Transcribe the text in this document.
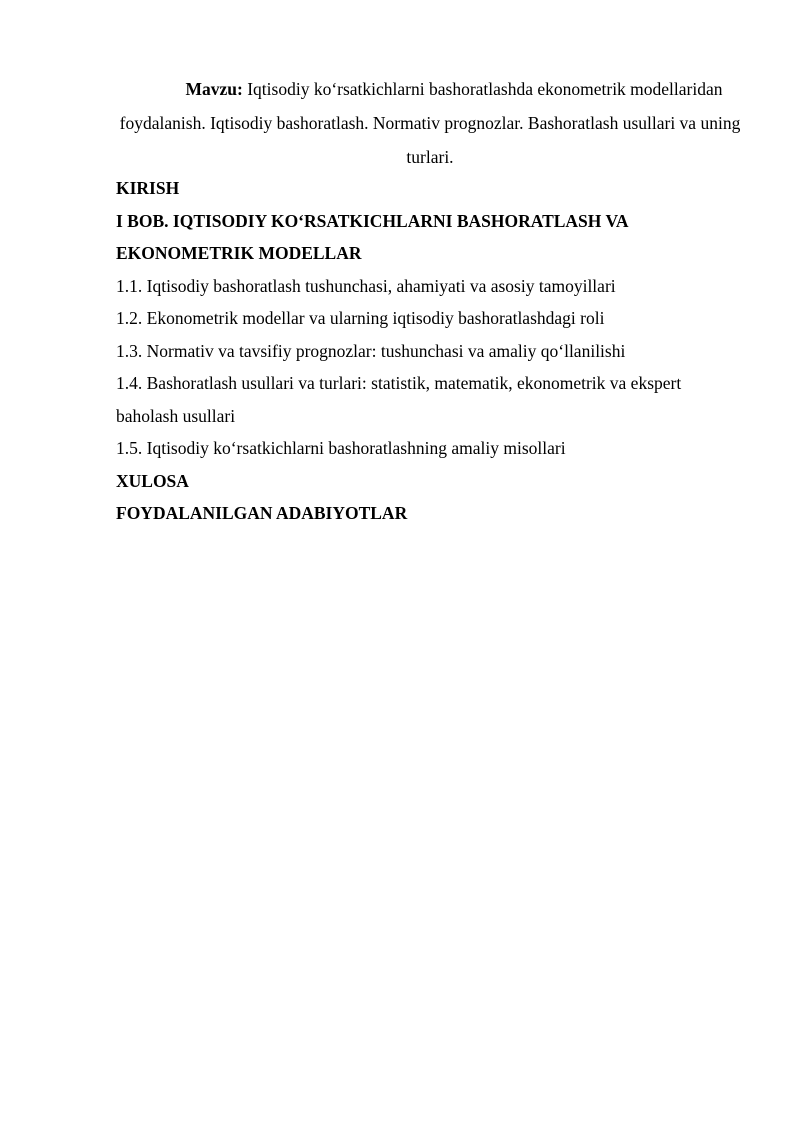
Mavzu: Iqtisodiy koʻrsatkichlarni bashoratlashda ekonometrik modellaridan foydalanish. Iqtisodiy bashoratlash. Normativ prognozlar. Bashoratlash usullari va uning turlari.
KIRISH
I BOB. IQTISODIY KOʻRSATKICHLARNI BASHORATLASH VA
EKONOMETRIK MODELLAR
1.1. Iqtisodiy bashoratlash tushunchasi, ahamiyati va asosiy tamoyillari
1.2. Ekonometrik modellar va ularning iqtisodiy bashoratlashdagi roli
1.3. Normativ va tavsifiy prognozlar: tushunchasi va amaliy qoʻllanilishi
1.4. Bashoratlash usullari va turlari: statistik, matematik, ekonometrik va ekspert baholash usullari
1.5. Iqtisodiy koʻrsatkichlarni bashoratlashning amaliy misollari
XULOSA
FOYDALANILGAN ADABIYOTLAR
